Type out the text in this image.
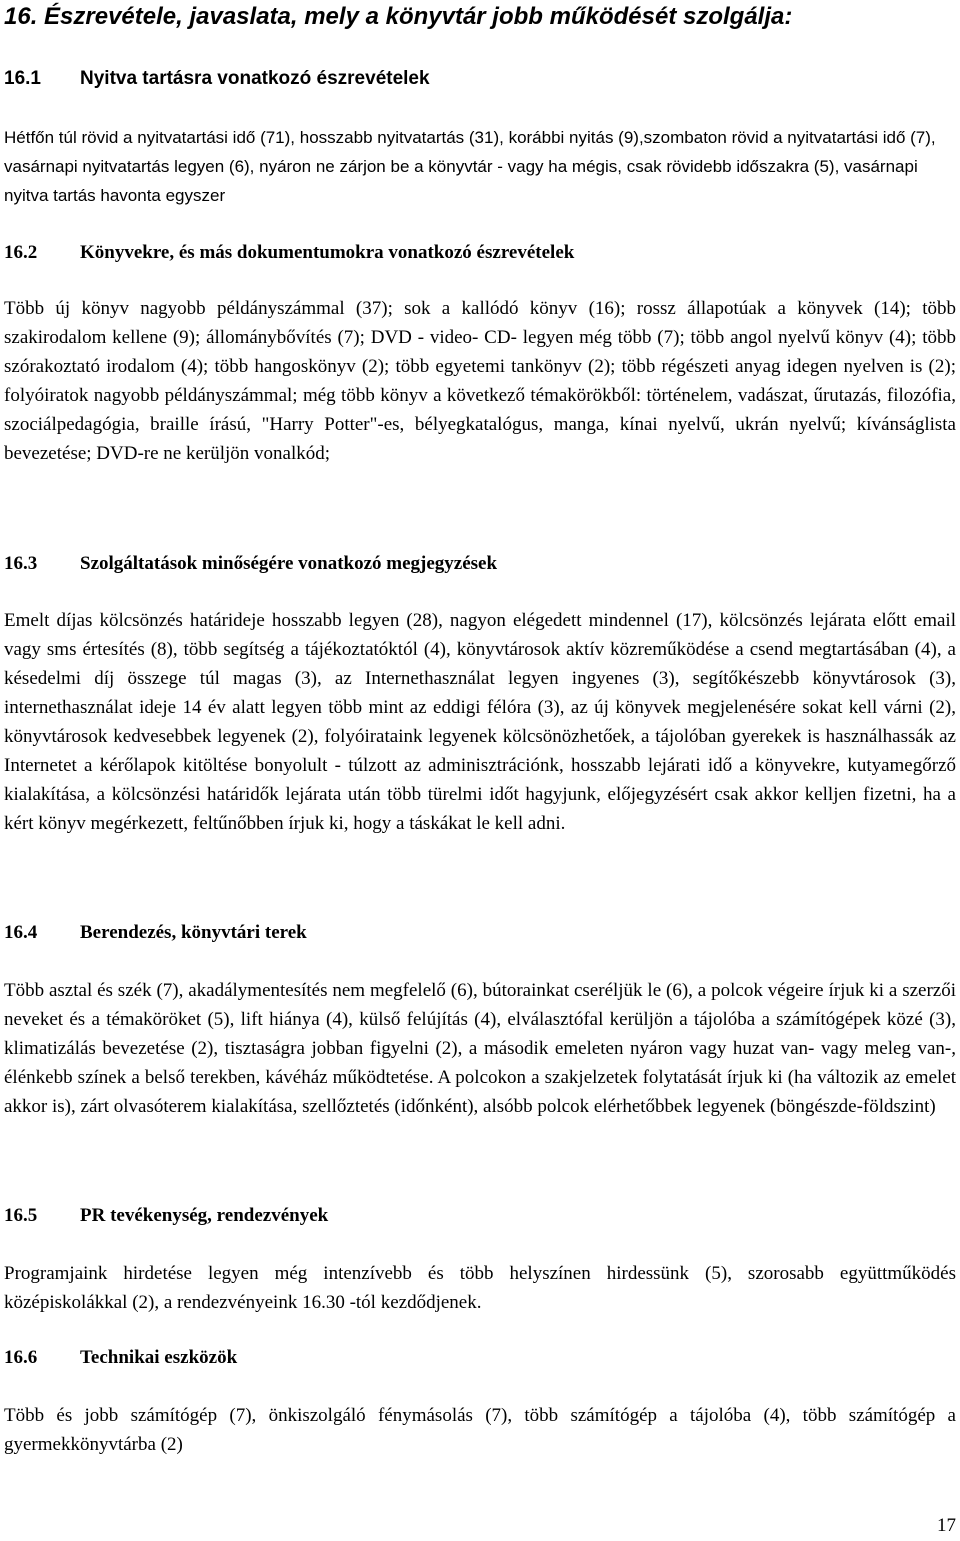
16. Észrevétele, javaslata, mely a könyvtár jobb működését szolgálja:
16.1 Nyitva tartásra vonatkozó észrevételek

Hétfőn túl rövid a nyitvatartási idő (71), hosszabb nyitvatartás (31), korábbi nyitás (9),szombaton rövid a nyitvatartási idő (7), vasárnapi nyitvatartás legyen (6), nyáron ne zárjon be a könyvtár - vagy ha mégis, csak rövidebb időszakra (5), vasárnapi nyitva tartás havonta egyszer

16.2 Könyvekre, és más dokumentumokra vonatkozó észrevételek

Több új könyv nagyobb példányszámmal (37); sok a kallódó könyv (16); rossz állapotúak a könyvek (14); több szakirodalom kellene (9); állománybővítés (7); DVD - video- CD- legyen még több (7); több angol nyelvű könyv (4); több szórakoztató irodalom (4); több hangoskönyv (2); több egyetemi tankönyv (2); több régészeti anyag idegen nyelven is (2); folyóiratok nagyobb példányszámmal; még több könyv a következő témakörökből: történelem, vadászat, űrutazás, filozófia, szociálpedagógia, braille írású, "Harry Potter"-es, bélyegkatalógus, manga, kínai nyelvű, ukrán nyelvű; kívánságlista bevezetése; DVD-re ne kerüljön vonalkód;

16.3 Szolgáltatások minőségére vonatkozó megjegyzések

Emelt díjas kölcsönzés határideje hosszabb legyen (28), nagyon elégedett mindennel (17), kölcsönzés lejárata előtt email vagy sms értesítés (8), több segítség a tájékoztatóktól (4), könyvtárosok aktív közreműködése a csend megtartásában (4), a késedelmi díj összege túl magas (3), az Internethasználat legyen ingyenes (3), segítőkészebb könyvtárosok (3), internethasználat ideje 14 év alatt legyen több mint az eddigi félóra (3), az új könyvek megjelenésére sokat kell várni (2), könyvtárosok kedvesebbek legyenek (2), folyóirataink legyenek kölcsönözhetőek, a tájolóban gyerekek is használhassák az Internetet a kérőlapok kitöltése bonyolult - túlzott az adminisztrációnk, hosszabb lejárati idő a könyvekre, kutyamegőrző kialakítása, a kölcsönzési határidők lejárata után több türelmi időt hagyjunk, előjegyzésért csak akkor kelljen fizetni, ha a kért könyv megérkezett, feltűnőbben írjuk ki, hogy a táskákat le kell adni.

16.4 Berendezés, könyvtári terek

Több asztal és szék (7), akadálymentesítés nem megfelelő (6), bútorainkat cseréljük le (6), a polcok végeire írjuk ki a szerzői neveket és a témaköröket (5), lift hiánya (4), külső felújítás (4), elválasztófal kerüljön a tájolóba a számítógépek közé (3), klimatizálás bevezetése (2), tisztaságra jobban figyelni (2), a második emeleten nyáron vagy huzat van- vagy meleg van-, élénkebb színek a belső terekben, kávéház működtetése. A polcokon a szakjelzetek folytatását írjuk ki (ha változik az emelet akkor is), zárt olvasóterem kialakítása, szellőztetés (időnként), alsóbb polcok elérhetőbbek legyenek (böngészde-földszint)

16.5 PR tevékenység, rendezvények

Programjaink hirdetése legyen még intenzívebb és több helyszínen hirdessünk (5), szorosabb együttműködés középiskolákkal (2), a rendezvényeink 16.30 -tól kezdődjenek.

16.6 Technikai eszközök

Több és jobb számítógép (7), önkiszolgáló fénymásolás (7), több számítógép a tájolóba (4), több számítógép a gyermekkönyvtárba (2)

17
